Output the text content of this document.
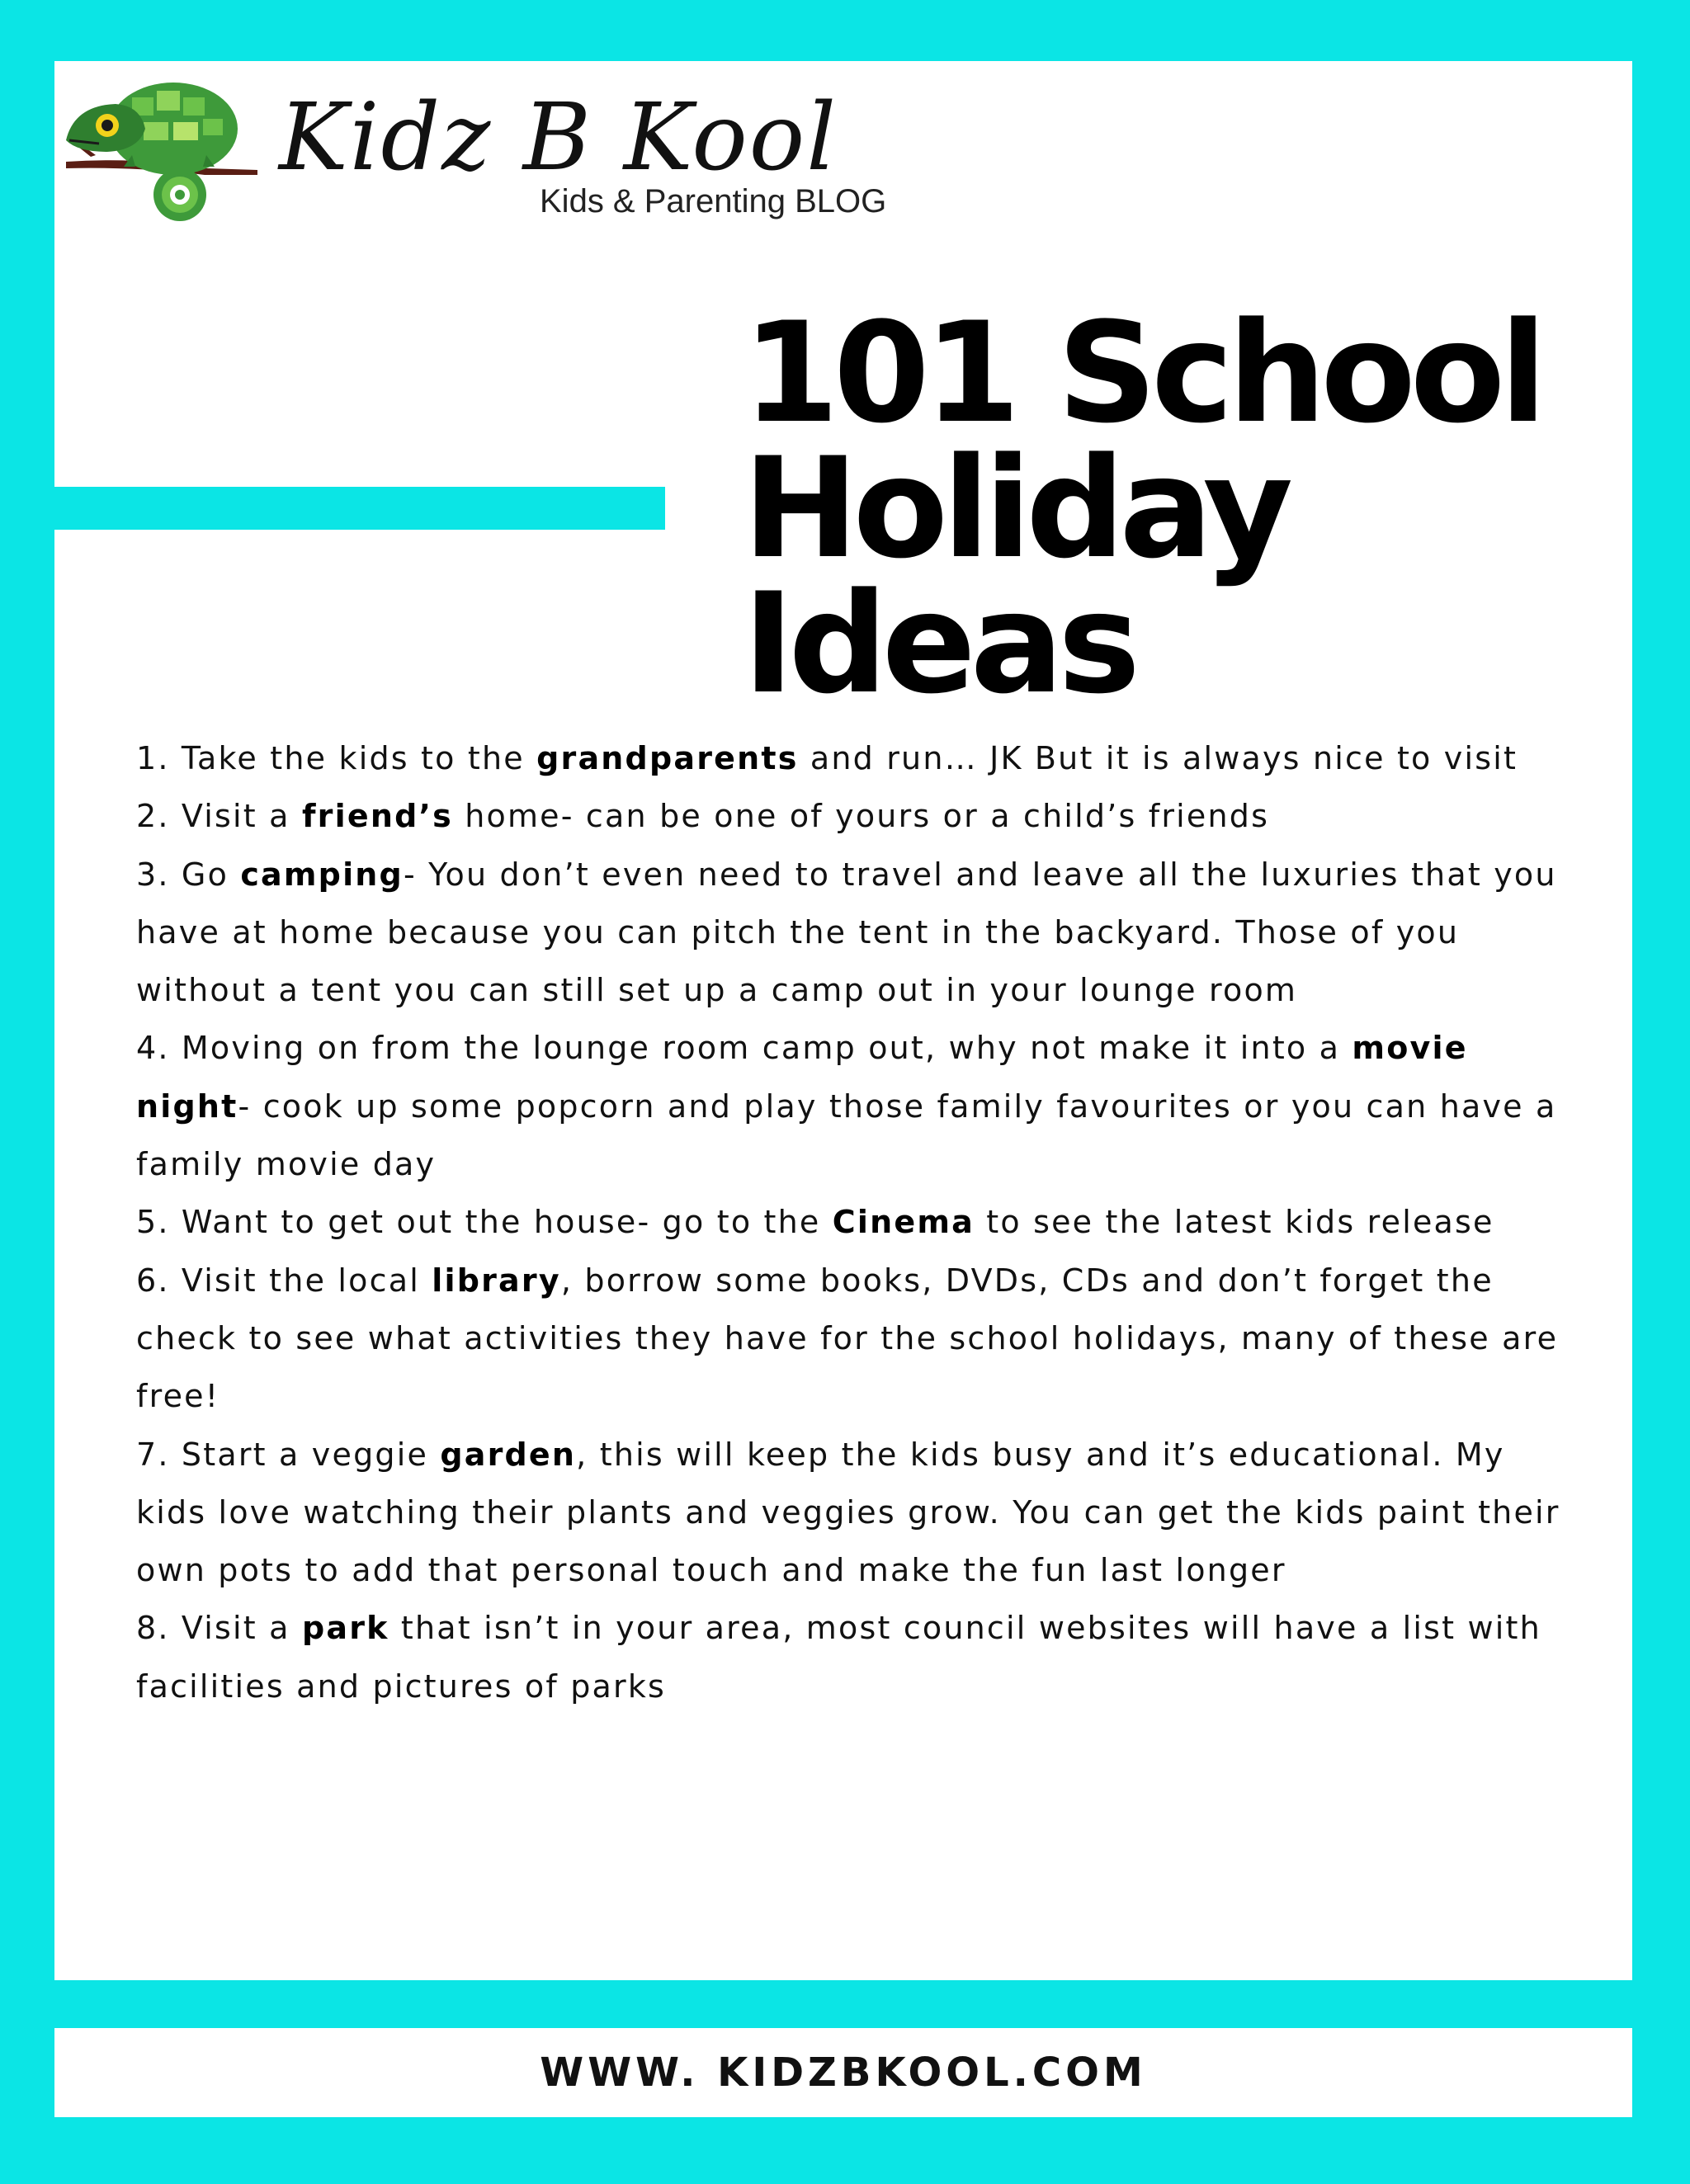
Kidz B Kool
Kids & Parenting BLOG
101 School
Holiday
Ideas
1. Take the kids to the grandparents and run… JK But it is always nice to visit
2. Visit a friend’s home- can be one of yours or a child’s friends
3. Go camping- You don’t even need to travel and leave all the luxuries that you have at home because you can pitch the tent in the backyard. Those of you without a tent you can still set up a camp out in your lounge room
4. Moving on from the lounge room camp out, why not make it into a movie night- cook up some popcorn and play those family favourites or you can have a family movie day
5. Want to get out the house- go to the Cinema to see the latest kids release
6. Visit the local library, borrow some books, DVDs, CDs and don’t forget the check to see what activities they have for the school holidays, many of these are free!
7. Start a veggie garden, this will keep the kids busy and it’s educational. My kids love watching their plants and veggies grow. You can get the kids paint their own pots to add that personal touch and make the fun last longer
8. Visit a park that isn’t in your area, most council websites will have a list with facilities and pictures of parks
WWW. KIDZBKOOL.COM
